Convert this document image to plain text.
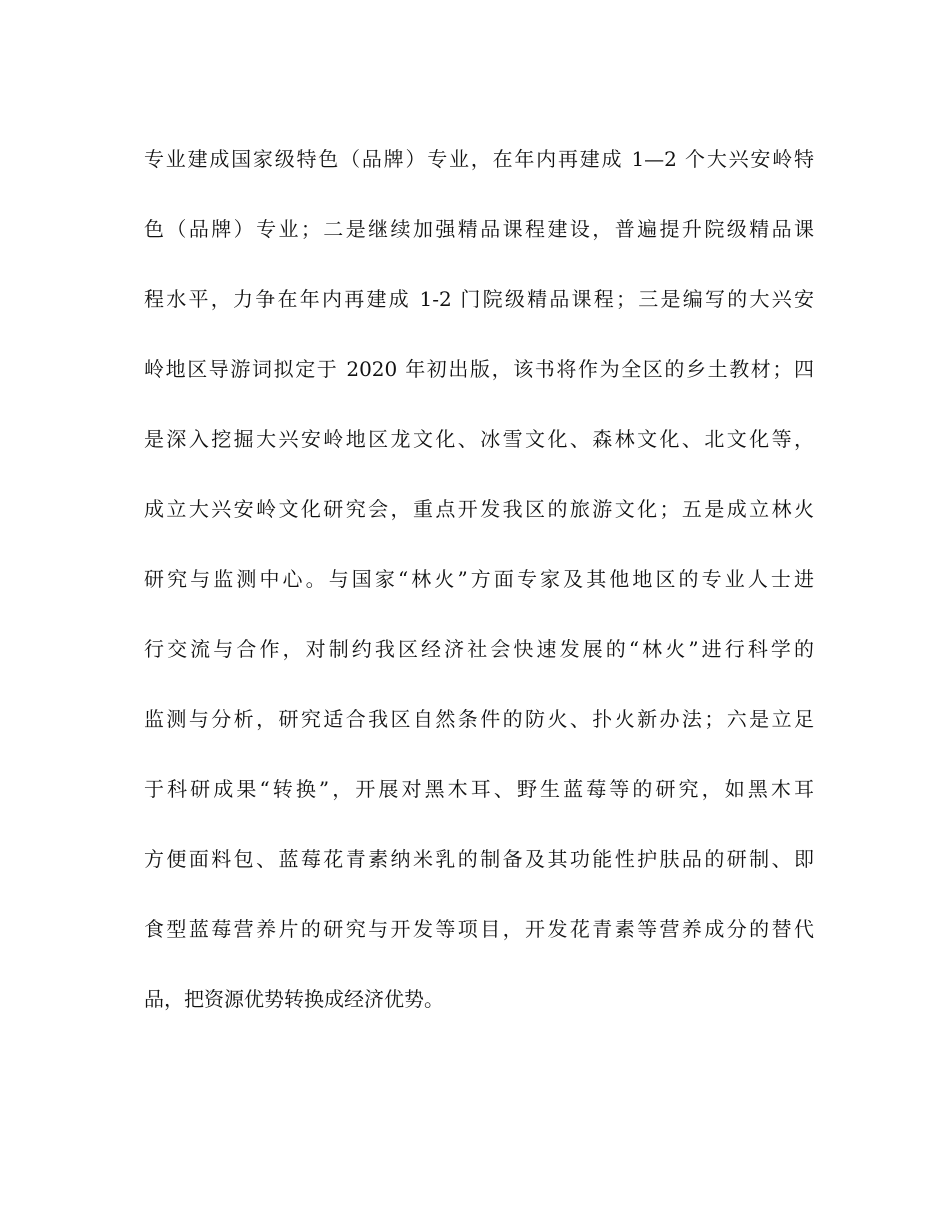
专业建成国家级特色（品牌）专业，在年内再建成 1—2 个大兴安岭特
色（品牌）专业；二是继续加强精品课程建设，普遍提升院级精品课
程水平，力争在年内再建成 1-2 门院级精品课程；三是编写的大兴安
岭地区导游词拟定于 2020 年初出版，该书将作为全区的乡土教材；四
是深入挖掘大兴安岭地区龙文化、冰雪文化、森林文化、北文化等，
成立大兴安岭文化研究会，重点开发我区的旅游文化；五是成立林火
研究与监测中心。与国家“林火”方面专家及其他地区的专业人士进
行交流与合作，对制约我区经济社会快速发展的“林火”进行科学的
监测与分析，研究适合我区自然条件的防火、扑火新办法；六是立足
于科研成果“转换”，开展对黑木耳、野生蓝莓等的研究，如黑木耳
方便面料包、蓝莓花青素纳米乳的制备及其功能性护肤品的研制、即
食型蓝莓营养片的研究与开发等项目，开发花青素等营养成分的替代
品，把资源优势转换成经济优势。
